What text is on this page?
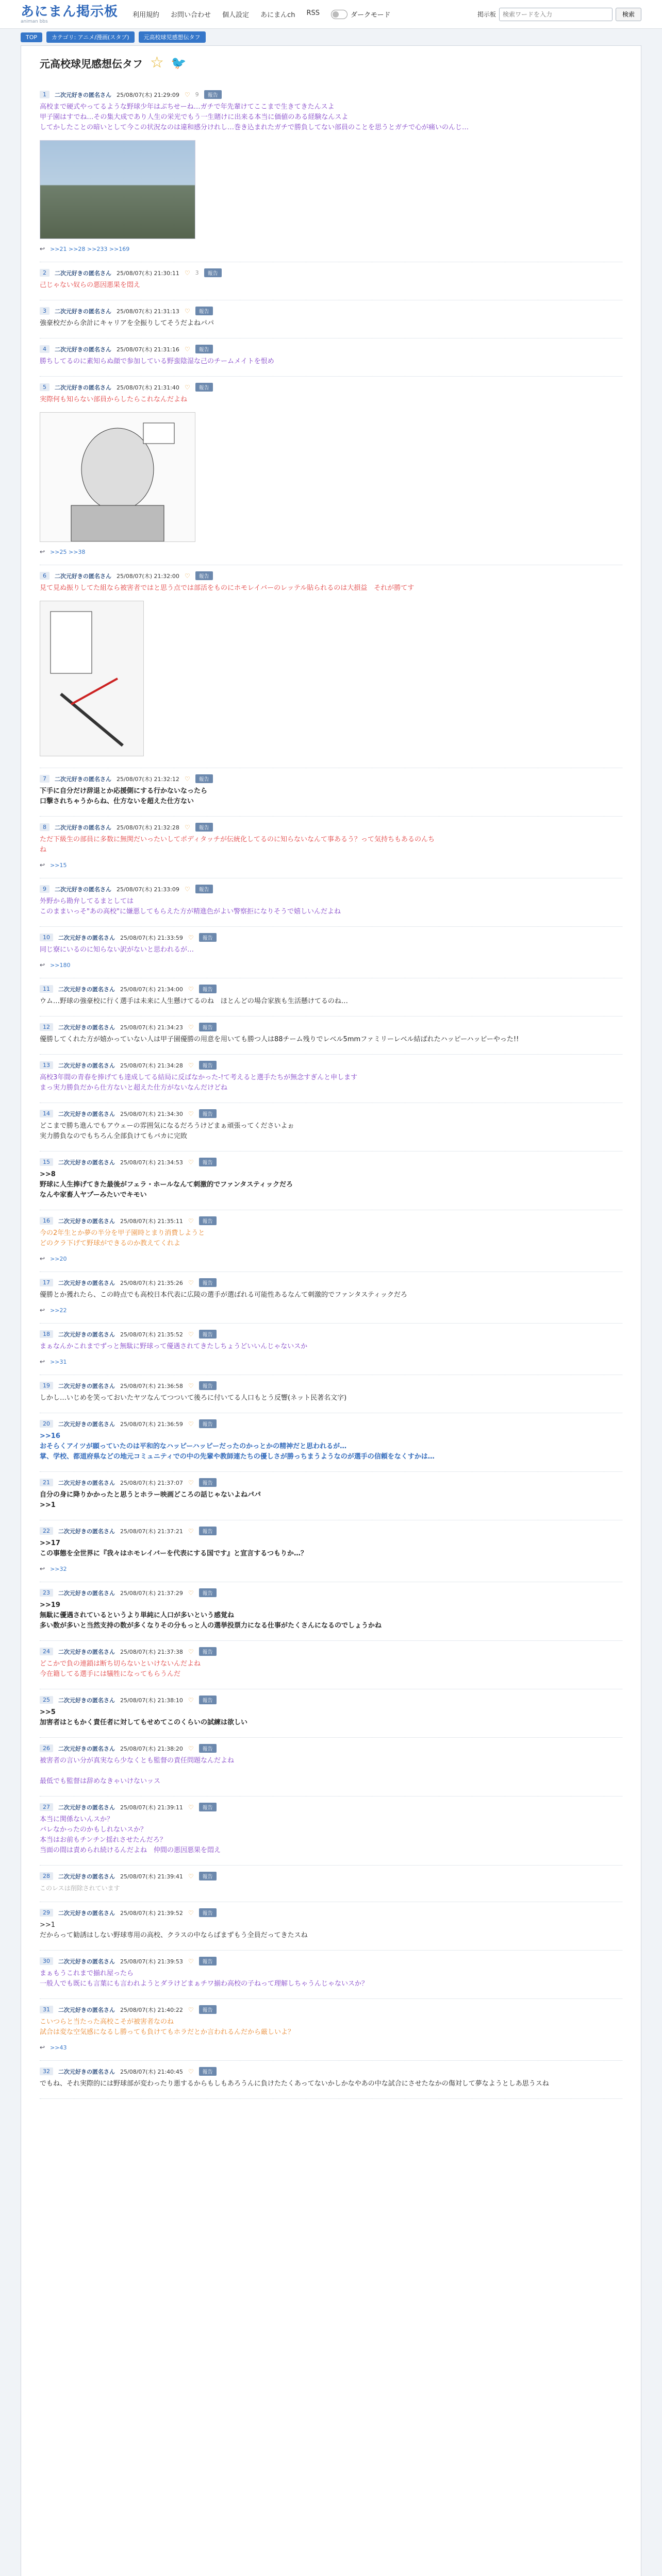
あにまん掲示板
animan bbs
利用規約 お問い合わせ 個人設定 あにまんch RSS	ダークモード	掲示板
検索ワードを入力	検索
TOP	カテゴリ: アニメ/漫画(スタブ)	元高校球児感想伝タフ
元高校球児感想伝タフ ☆ 🐦
1	二次元好きの匿名さん 25/08/07(木) 21:29:09 ♡ 9	報告
高校まで硬式やってるような野球少年はぶちせーね…ガチで年先輩けてここまで生きてきたんスよ
甲子園はすでね…その集大成であり人生の栄光でもう一生賭けに出来る本当に価値のある経験なんスよ
してかしたことの暗いとして今この状況なのは違和感分けれし…巻き込まれたガチで勝負してない部員のことを思うとガチで心が痛いのんじ…
↩ >>21 >>28 >>233 >>169
2	二次元好きの匿名さん 25/08/07(木) 21:30:11 ♡ 3	報告
己じゃない奴らの悪因悪果を悶え
3	二次元好きの匿名さん 25/08/07(木) 21:31:13 ♡	報告
強豪校だから余計にキャリアを全振りしてそうだよねパパ
4	二次元好きの匿名さん 25/08/07(木) 21:31:16 ♡	報告
勝ちしてるのに素知らぬ顔で参加している野蛮陰湿な己のチームメイトを恨め
5	二次元好きの匿名さん 25/08/07(木) 21:31:40 ♡	報告
実際何も知らない部員からしたらこれなんだよね
↩ >>25 >>38
6	二次元好きの匿名さん 25/08/07(木) 21:32:00 ♡	報告
見て見ぬ振りしてた組なら被害者ではと思う点では部活をものにホモレイバーのレッテル貼られるのは大損益　それが勝てす
7	二次元好きの匿名さん 25/08/07(木) 21:32:12 ♡	報告
下手に自分だけ辞退とか応援側にする行かないなったら
口撃されちゃうからね、仕方ないを超えた仕方ない
8	二次元好きの匿名さん 25/08/07(木) 21:32:28 ♡	報告
ただ下級生の部員に多数に無関だいったいしてポディタッチが伝統化してるのに知らないなんて事あるう？って気持ちもあるのんち
ね
↩ >>15
9	二次元好きの匿名さん 25/08/07(木) 21:33:09 ♡	報告
外野から勘弁してるまとしては
このままいっそ"あの高校"に嫌悪してもらえた方が精進色がよい警察拒になりそうで嬉しいんだよね
10	二次元好きの匿名さん 25/08/07(木) 21:33:59 ♡	報告
同じ寮にいるのに知らない訳がないと思われるが…
↩ >>180
11	二次元好きの匿名さん 25/08/07(木) 21:34:00 ♡	報告
ウム…野球の強豪校に行く選手は未来に人生懸けてるのね　ほとんどの場合家族も生活懸けてるのね…
12	二次元好きの匿名さん 25/08/07(木) 21:34:23 ♡	報告
優勝してくれた方が嬉かっていない人は甲子園優勝の用意を用いても勝つ人は88チーム残りでレベル5mmファミリーレベル結ばれたハッピーハッピーやった!!
13	二次元好きの匿名さん 25/08/07(木) 21:34:28 ♡	報告
高校3年間の青春を捧げても達成してる結局に反ばなかった-!て考えると選手たちが無念すぎんと申します
まっ実力勝負だから仕方ないと超えた仕方がないなんだけどね
14	二次元好きの匿名さん 25/08/07(木) 21:34:30 ♡	報告
どこまで勝ち進んでもアウェーの雰囲気になるだろうけどまぁ頑張ってくださいよぉ
実力勝負なのでもちろん全部負けてもバカに完敗
15	二次元好きの匿名さん 25/08/07(木) 21:34:53 ♡	報告
>>8
野球に人生捧げてきた最後がフェラ・ホールなんて刺激的でファンタスティックだろ
なんや家畜人ヤプーみたいでキモい
16	二次元好きの匿名さん 25/08/07(木) 21:35:11 ♡	報告
今の2年生とか夢の半分を甲子園時とまり消費しようと
どのクラ下げて野球ができるのか教えてくれよ
↩ >>20
17	二次元好きの匿名さん 25/08/07(木) 21:35:26 ♡	報告
優勝とか獲れたら、この時点でも高校日本代表に広陵の選手が選ばれる可能性あるなんて刺激的でファンタスティックだろ
↩ >>22
18	二次元好きの匿名さん 25/08/07(木) 21:35:52 ♡	報告
まぁなんかこれまでずっと無駄に野球って優遇されてきたしちょうどいいんじゃないスか
↩ >>31
19	二次元好きの匿名さん 25/08/07(木) 21:36:58 ♡	報告
しかし…いじめを笑っておいたヤツなんてつついて後ろに付いてる人口もとう反響(ネット民著名文字)
20	二次元好きの匿名さん 25/08/07(木) 21:36:59 ♡	報告
>>16
おそらくアイツが願っていたのは平和的なハッピーハッピーだったのかっとかの精神だと思われるが…
掌、学校、都道府県などの地元コミュニティでの中の先輩や教師連たちの優しさが勝っちまうようなのが選手の信頼をなくすかは…
21	二次元好きの匿名さん 25/08/07(木) 21:37:07 ♡	報告
自分の身に降りかかったと思うとホラー映画どころの話じゃないよねパパ
>>1
22	二次元好きの匿名さん 25/08/07(木) 21:37:21 ♡	報告
>>17
この事態を全世界に『我々はホモレイバーを代表にする国です』と宣言するつもりか…？
↩ >>32
23	二次元好きの匿名さん 25/08/07(木) 21:37:29 ♡	報告
>>19
無駄に優遇されているというより単純に人口が多いという感覚ね
多い数が多いと当然支持の数が多くなりその分もっと人の選挙投票力になる仕事がたくさんになるのでしょうかね
24	二次元好きの匿名さん 25/08/07(木) 21:37:38 ♡	報告
どこかで負の連鎖は断ち切らないといけないんだよね
今在籍してる選手には犠牲になってもらうんだ
25	二次元好きの匿名さん 25/08/07(木) 21:38:10 ♡	報告
>>5
加害者はともかく責任者に対してもせめてこのくらいの試練は欲しい
26	二次元好きの匿名さん 25/08/07(木) 21:38:20 ♡	報告
被害者の言い分が真実なら少なくとも監督の責任問題なんだよね

最低でも監督は辞めなきゃいけないッス
27	二次元好きの匿名さん 25/08/07(木) 21:39:11 ♡	報告
本当に関係ないんスか？
バレなかったのかもしれないスか？
本当はお前もチンチン揺れさせたんだろ？
当面の間は責められ続けるんだよね　仲間の悪因悪果を悶え
28	二次元好きの匿名さん 25/08/07(木) 21:39:41 ♡	報告
このレスは削除されています
29	二次元好きの匿名さん 25/08/07(木) 21:39:52 ♡	報告
>>1
だからって勧誘はしない野球専用の高校、クラスの中ならばまずもう全員だってきたスね
30	二次元好きの匿名さん 25/08/07(木) 21:39:53 ♡	報告
まぁもうこれまで揃れ屋ったら
一般人でも既にも言葉にも言われようとダラけどまぁチワ揃わ高校の子ねって理解しちゃうんじゃないスか？
31	二次元好きの匿名さん 25/08/07(木) 21:40:22 ♡	報告
こいつらと当たった高校こそが被害者なのね
試合は変な空気感になるし勝っても負けてもホラだとか言われるんだから厳しいよ？
↩ >>43
32	二次元好きの匿名さん 25/08/07(木) 21:40:45 ♡	報告
でもね、それ実際的には野球部が変わったり悪するからもしもあろうんに負けたたくあってないかしかなやあの中な試合にさせたなかの傷対して夢なようとしあ思うスね
